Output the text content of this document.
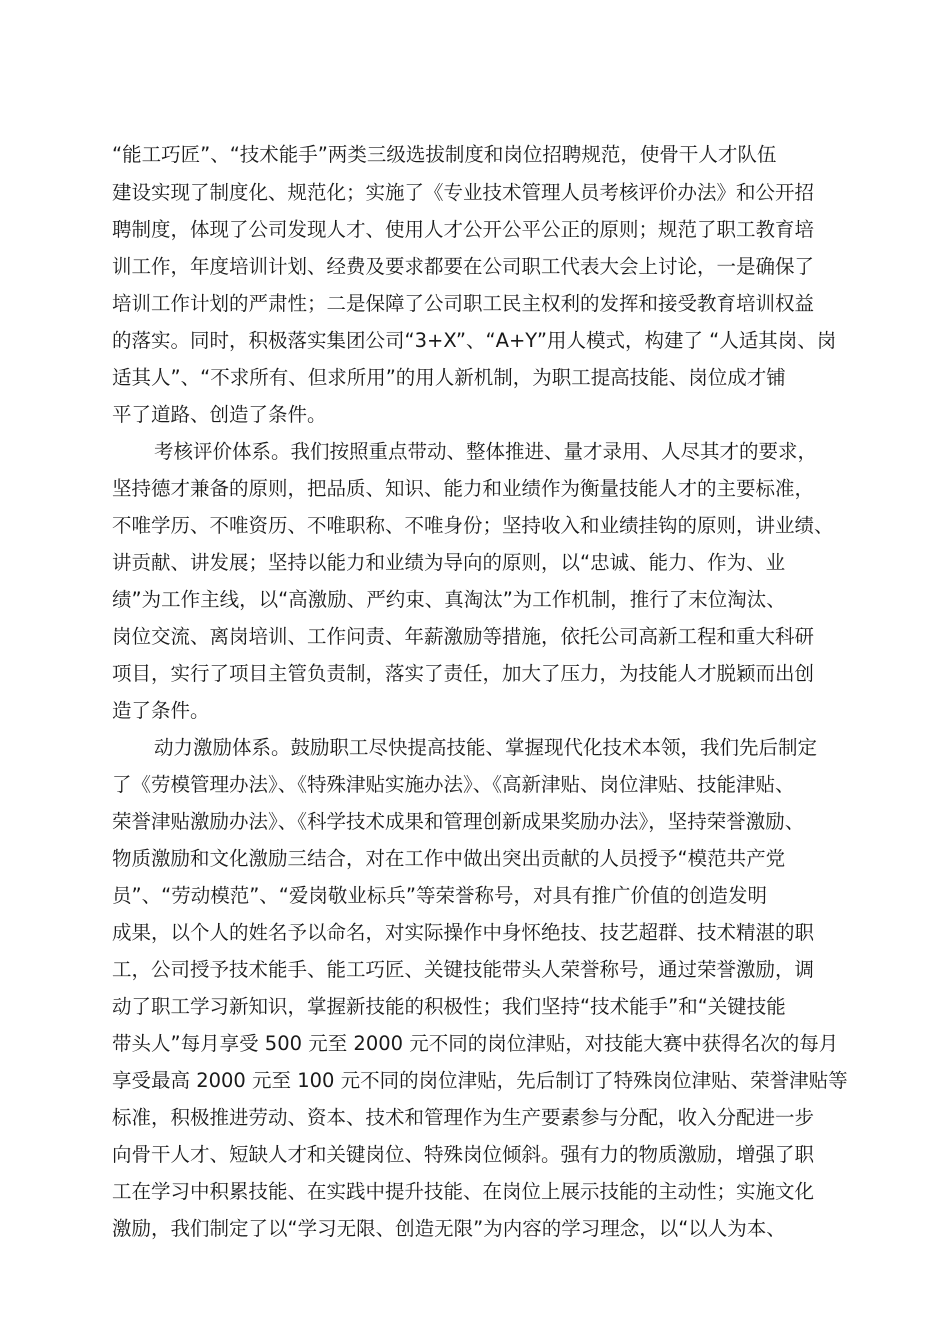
“能工巧匠”、“技术能手”两类三级选拔制度和岗位招聘规范，使骨干人才队伍
建设实现了制度化、规范化；实施了《专业技术管理人员考核评价办法》和公开招
聘制度，体现了公司发现人才、使用人才公开公平公正的原则；规范了职工教育培
训工作，年度培训计划、经费及要求都要在公司职工代表大会上讨论，一是确保了
培训工作计划的严肃性；二是保障了公司职工民主权利的发挥和接受教育培训权益
的落实。同时，积极落实集团公司“3+X”、“A+Y”用人模式，构建了 “人适其岗、岗
适其人”、“不求所有、但求所用”的用人新机制，为职工提高技能、岗位成才铺
平了道路、创造了条件。
考核评价体系。我们按照重点带动、整体推进、量才录用、人尽其才的要求，
坚持德才兼备的原则，把品质、知识、能力和业绩作为衡量技能人才的主要标准，
不唯学历、不唯资历、不唯职称、不唯身份；坚持收入和业绩挂钩的原则，讲业绩、
讲贡献、讲发展；坚持以能力和业绩为导向的原则，以“忠诚、能力、作为、业
绩”为工作主线，以“高激励、严约束、真淘汰”为工作机制，推行了末位淘汰、
岗位交流、离岗培训、工作问责、年薪激励等措施，依托公司高新工程和重大科研
项目，实行了项目主管负责制，落实了责任，加大了压力，为技能人才脱颖而出创
造了条件。
动力激励体系。鼓励职工尽快提高技能、掌握现代化技术本领，我们先后制定
了《劳模管理办法》、《特殊津贴实施办法》、《高新津贴、岗位津贴、技能津贴、
荣誉津贴激励办法》、《科学技术成果和管理创新成果奖励办法》，坚持荣誉激励、
物质激励和文化激励三结合，对在工作中做出突出贡献的人员授予“模范共产党
员”、“劳动模范”、“爱岗敬业标兵”等荣誉称号，对具有推广价值的创造发明
成果，以个人的姓名予以命名，对实际操作中身怀绝技、技艺超群、技术精湛的职
工，公司授予技术能手、能工巧匠、关键技能带头人荣誉称号，通过荣誉激励，调
动了职工学习新知识，掌握新技能的积极性；我们坚持“技术能手”和“关键技能
带头人”每月享受 500 元至 2000 元不同的岗位津贴，对技能大赛中获得名次的每月
享受最高 2000 元至 100 元不同的岗位津贴，先后制订了特殊岗位津贴、荣誉津贴等
标准，积极推进劳动、资本、技术和管理作为生产要素参与分配，收入分配进一步
向骨干人才、短缺人才和关键岗位、特殊岗位倾斜。强有力的物质激励，增强了职
工在学习中积累技能、在实践中提升技能、在岗位上展示技能的主动性；实施文化
激励，我们制定了以“学习无限、创造无限”为内容的学习理念，以“以人为本、
